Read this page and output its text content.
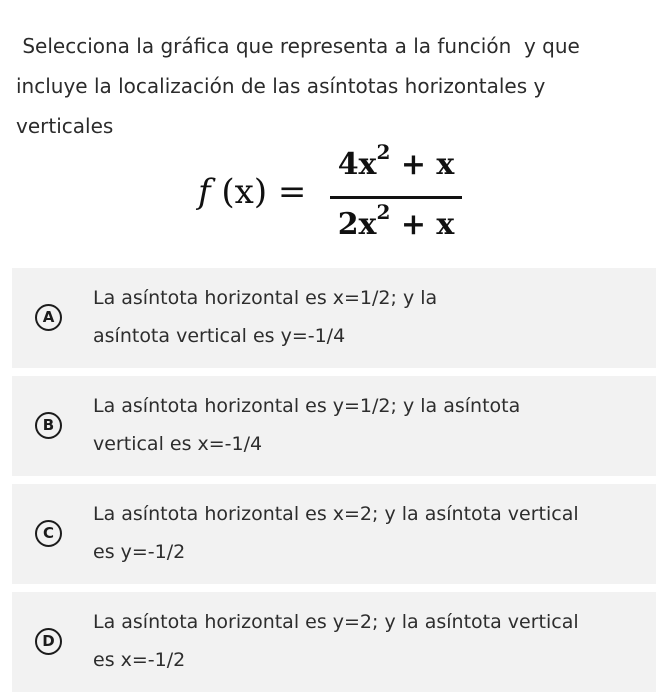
Selecciona la gráfica que representa a la función  y que
incluye la localización de las asíntotas horizontales y
verticales
f (x) =
$4x^2 + x$
$2x^2 + x$
A
La asíntota horizontal es x=1/2; y la
asíntota vertical es y=-1/4
B
La asíntota horizontal es y=1/2; y la asíntota
vertical es x=-1/4
C
La asíntota horizontal es x=2; y la asíntota vertical
es y=-1/2
D
La asíntota horizontal es y=2; y la asíntota vertical
es x=-1/2
